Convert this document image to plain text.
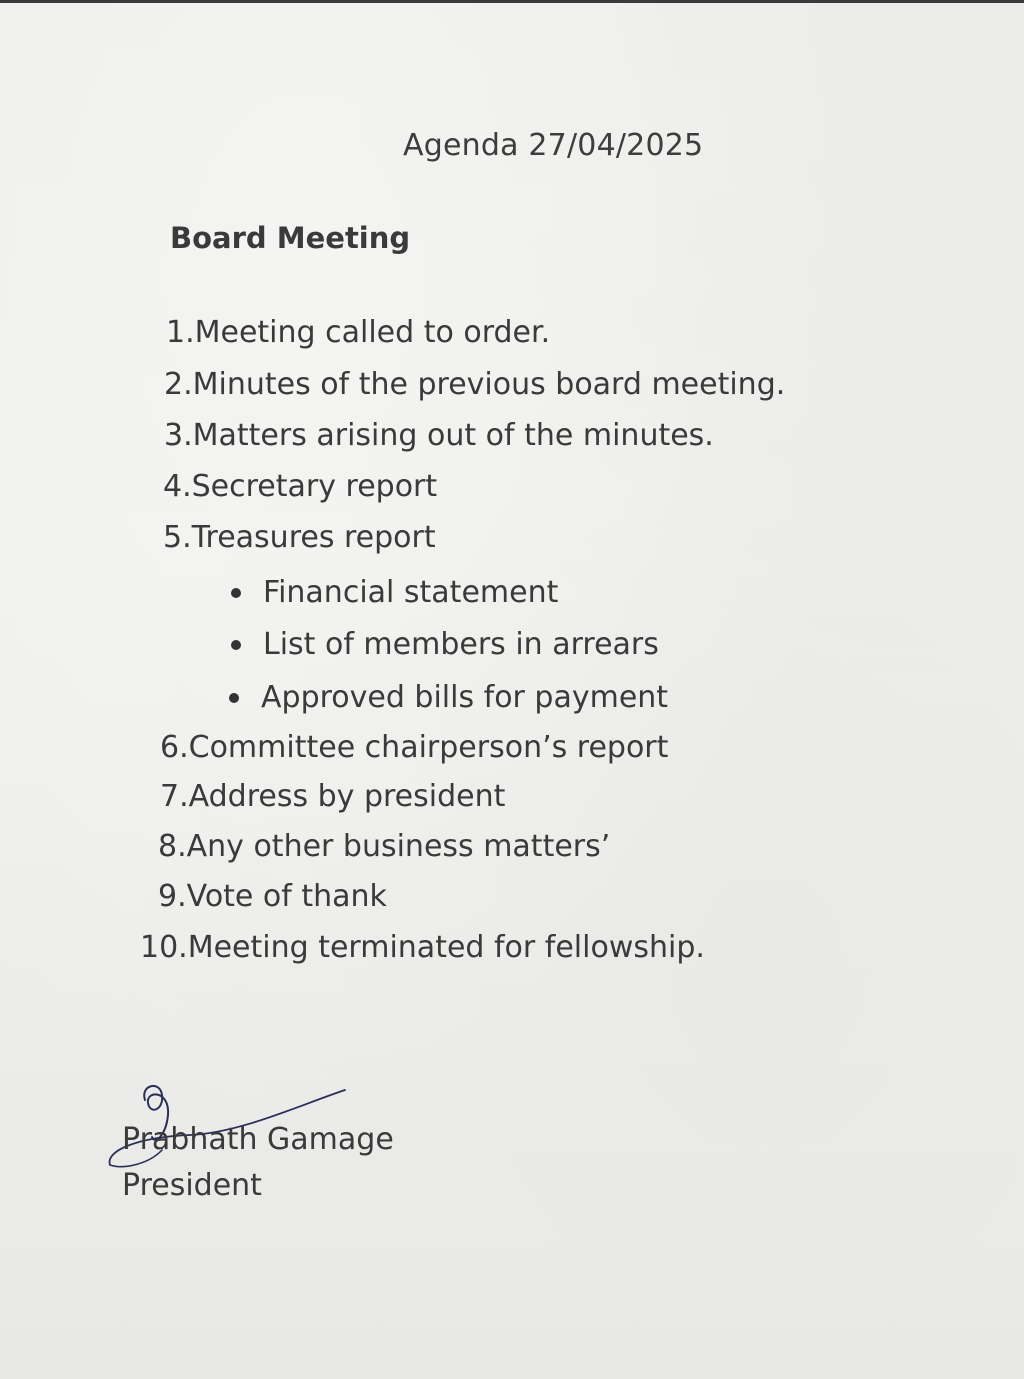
Agenda 27/04/2025
Board Meeting
1.Meeting called to order.
2.Minutes of the previous board meeting.
3.Matters arising out of the minutes.
4.Secretary report
5.Treasures report
Financial statement
List of members in arrears
Approved bills for payment
6.Committee chairperson’s report
7.Address by president
8.Any other business matters’
9.Vote of thank
10.Meeting terminated for fellowship.
Prabhath Gamage
President
